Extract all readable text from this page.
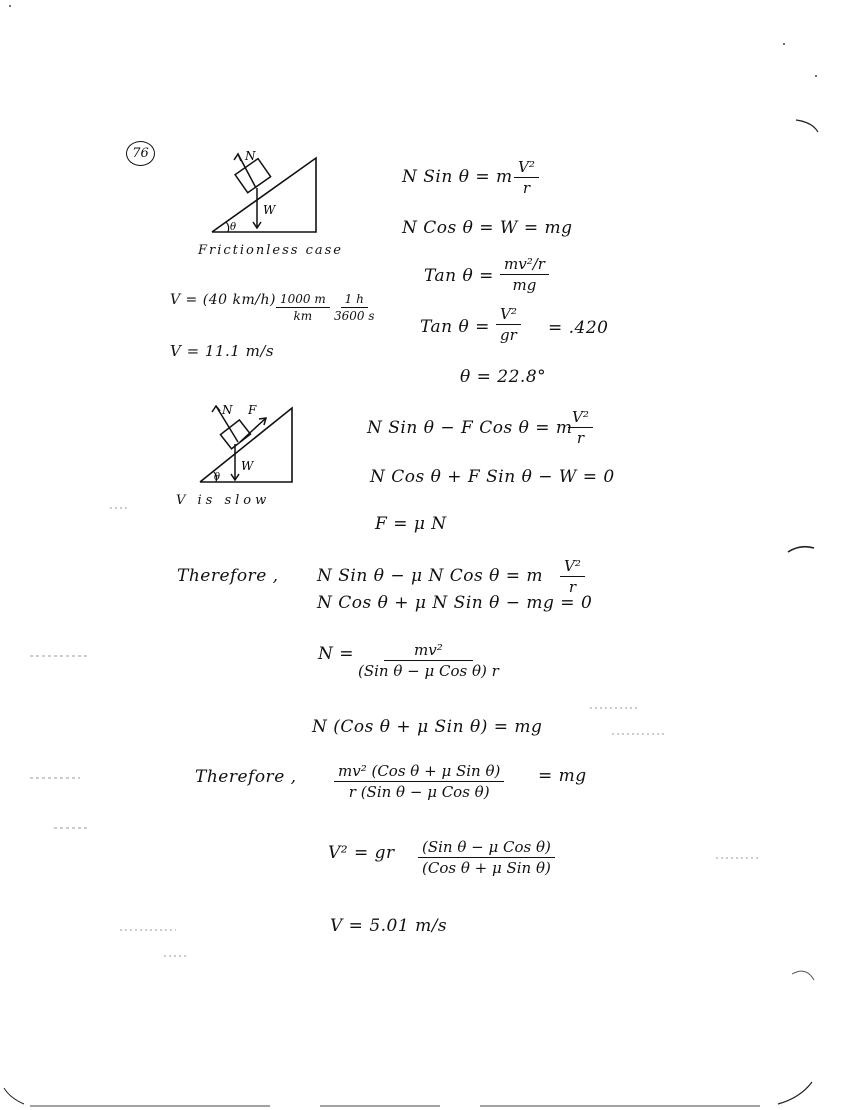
76	N
W
θ
Frictionless case
N Sin θ = m $\frac{\text{V²}}{r}$
N Cos θ = W = mg
Tan $\theta = \frac{\text{mv²/r}}{mg}$
Tan $\theta = \frac{\text{V²}}{gr} = .420$
θ = 22.8°
V = (40 $km/h) \frac{1000 m}{km} \frac{1 h}{3600 s}$
V = 11.1 m/s
N F
W
θ
V is slow
N Sin θ − F Cos θ = m
$\frac{\text{V²}}{r}$
N Cos θ + F Sin θ − W = 0
F = μ N
Therefore , N Sin θ − μ N Cos θ = m $\frac{\text{V²}}{r}$
N Cos θ + μ N Sin θ − mg = 0
N =	mv²
(Sin θ − μ Cos θ) r
N (Cos θ + μ Sin θ) = mg
Therefore ,	mv² (Cos θ + μ Sin θ)
r (Sin θ − μ Cos θ)
= mg
V² = gr (Sin θ − μ Cos θ)
(Cos θ + μ Sin θ)
V = 5.01 m/s
